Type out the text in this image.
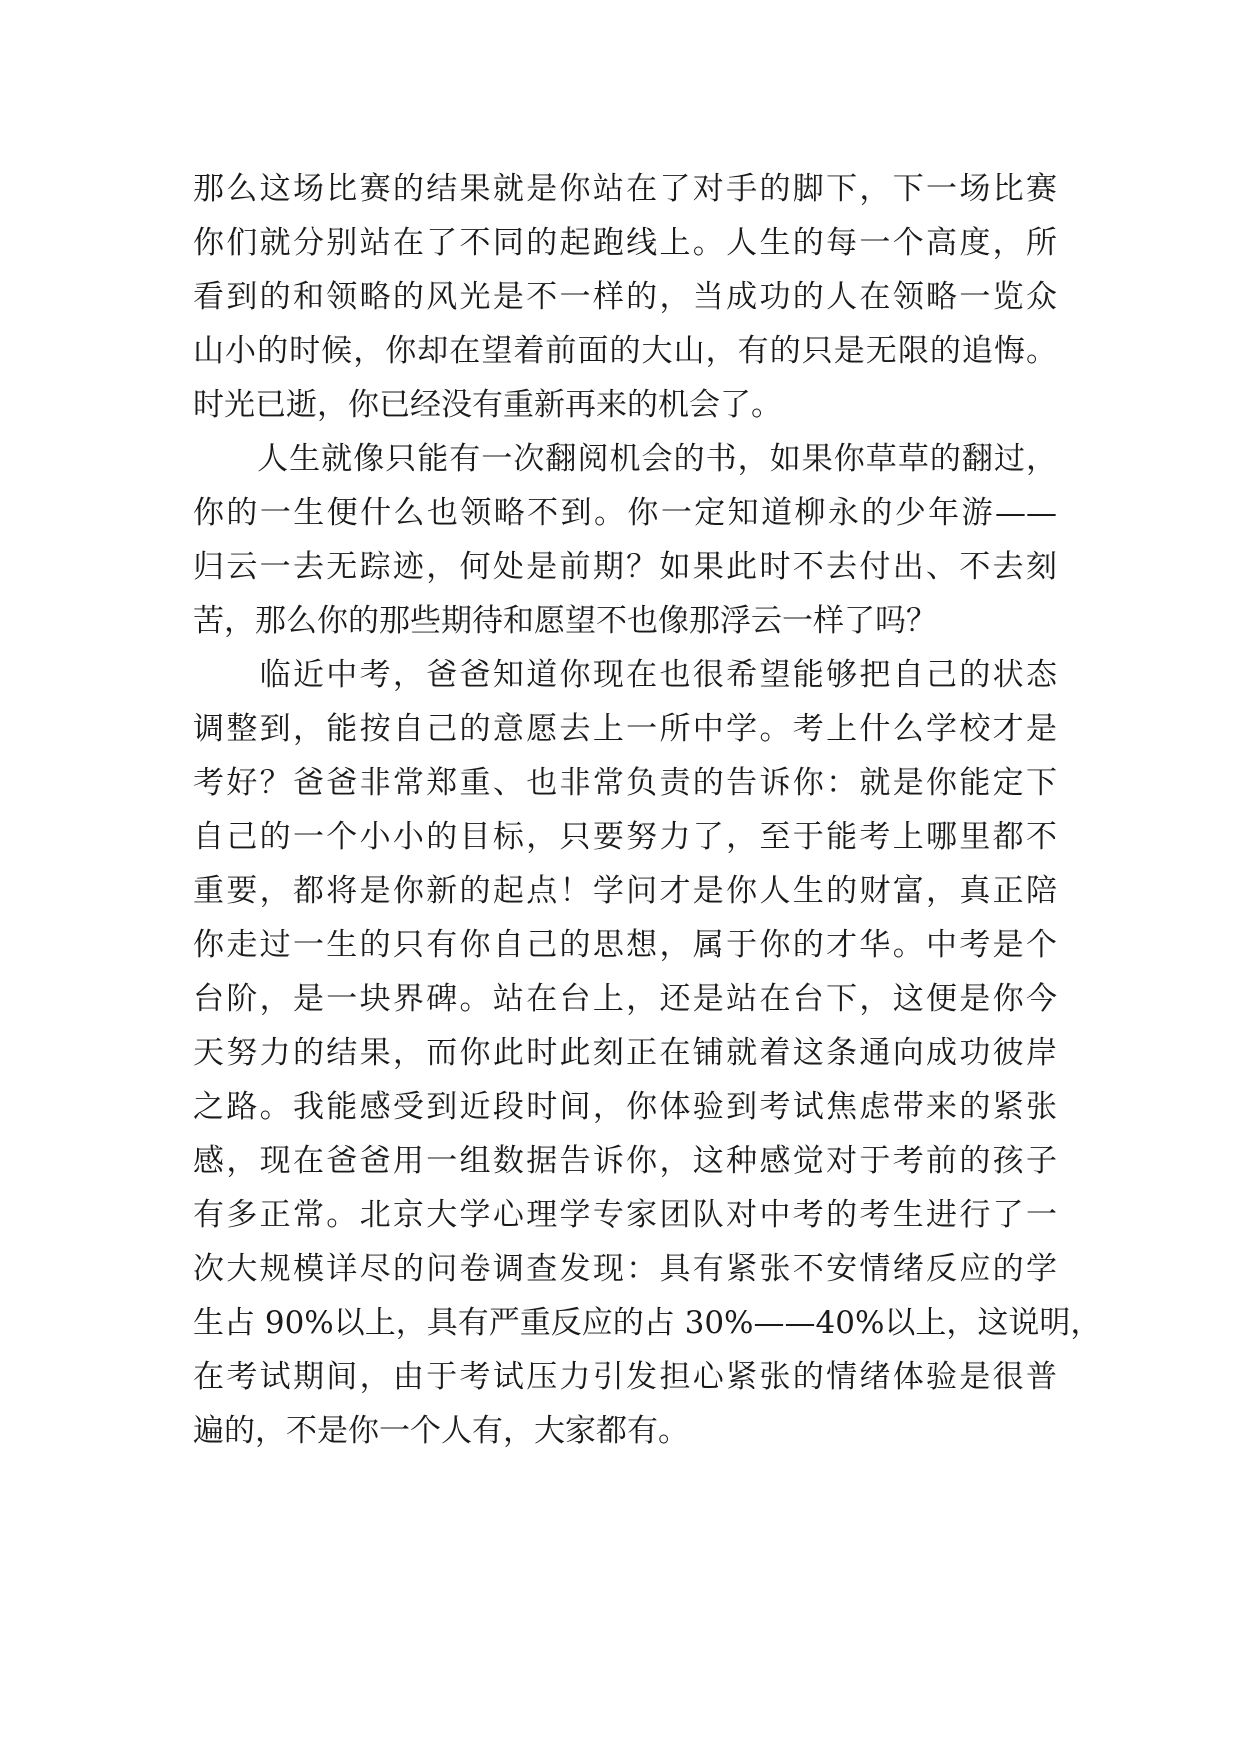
那么这场比赛的结果就是你站在了对手的脚下，下一场比赛
你们就分别站在了不同的起跑线上。人生的每一个高度，所
看到的和领略的风光是不一样的，当成功的人在领略一览众
山小的时候，你却在望着前面的大山，有的只是无限的追悔。
时光已逝，你已经没有重新再来的机会了。
　　人生就像只能有一次翻阅机会的书，如果你草草的翻过，
你的一生便什么也领略不到。你一定知道柳永的少年游——
归云一去无踪迹，何处是前期？如果此时不去付出、不去刻
苦，那么你的那些期待和愿望不也像那浮云一样了吗？
　　临近中考，爸爸知道你现在也很希望能够把自己的状态
调整到，能按自己的意愿去上一所中学。考上什么学校才是
考好？爸爸非常郑重、也非常负责的告诉你：就是你能定下
自己的一个小小的目标，只要努力了，至于能考上哪里都不
重要，都将是你新的起点！学问才是你人生的财富，真正陪
你走过一生的只有你自己的思想，属于你的才华。中考是个
台阶，是一块界碑。站在台上，还是站在台下，这便是你今
天努力的结果，而你此时此刻正在铺就着这条通向成功彼岸
之路。我能感受到近段时间，你体验到考试焦虑带来的紧张
感，现在爸爸用一组数据告诉你，这种感觉对于考前的孩子
有多正常。北京大学心理学专家团队对中考的考生进行了一
次大规模详尽的问卷调查发现：具有紧张不安情绪反应的学
生占 90%以上，具有严重反应的占 30%——40%以上，这说明，
在考试期间，由于考试压力引发担心紧张的情绪体验是很普
遍的，不是你一个人有，大家都有。
